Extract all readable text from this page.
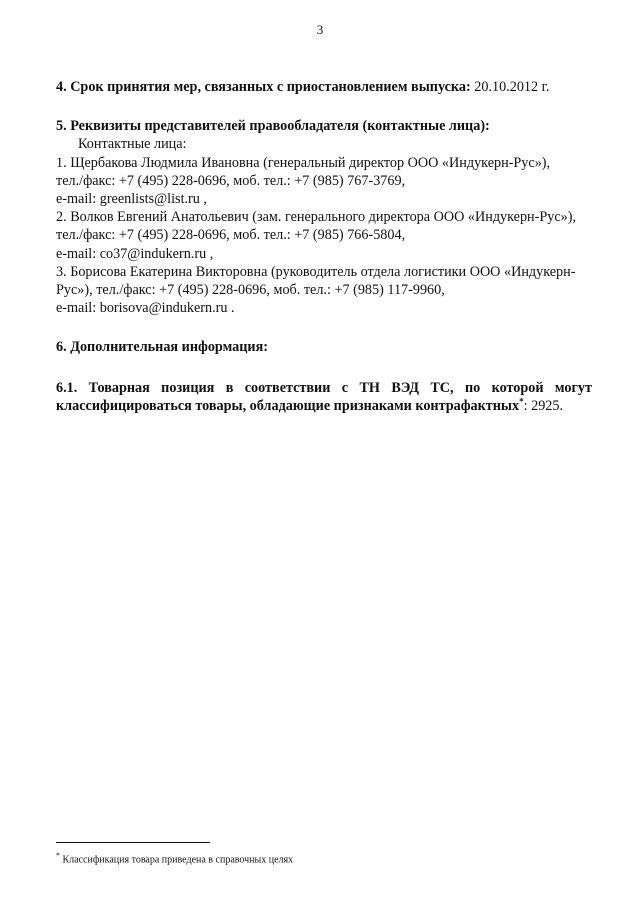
3

4. Срок принятия мер, связанных с приостановлением выпуска: 20.10.2012 г.

5. Реквизиты представителей правообладателя (контактные лица):

Контактные лица:

1. Щербакова Людмила Ивановна (генеральный директор ООО «Индукерн-Рус»),

тел./факс: +7 (495) 228-0696, моб. тел.: +7 (985) 767-3769,

e-mail: greenlists@list.ru ,

2. Волков Евгений Анатольевич (зам. генерального директора ООО «Индукерн-Рус»),

тел./факс: +7 (495) 228-0696, моб. тел.: +7 (985) 766-5804,

e-mail: co37@indukern.ru ,

3. Борисова Екатерина Викторовна (руководитель отдела логистики ООО «Индукерн-

Рус»), тел./факс: +7 (495) 228-0696, моб. тел.: +7 (985) 117-9960,

e-mail: borisova@indukern.ru .

6. Дополнительная информация:

6.1. Товарная позиция в соответствии с ТН ВЭД ТС, по которой могут классифицироваться товары, обладающие признаками контрафактных*: 2925.

* Классификация товара приведена в справочных целях
